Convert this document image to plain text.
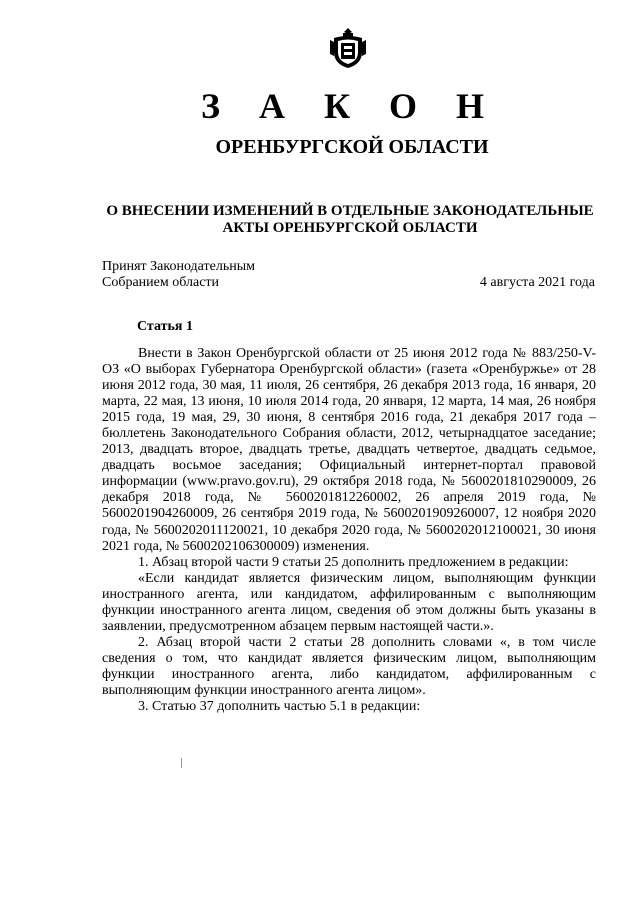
З А К О Н
ОРЕНБУРГСКОЙ ОБЛАСТИ
О ВНЕСЕНИИ ИЗМЕНЕНИЙ В ОТДЕЛЬНЫЕ ЗАКОНОДАТЕЛЬНЫЕ АКТЫ ОРЕНБУРГСКОЙ ОБЛАСТИ
Принят Законодательным
Собранием области	4 августа 2021 года
Статья 1

Внести в Закон Оренбургской области от 25 июня 2012 года № 883/250-V-ОЗ «О выборах Губернатора Оренбургской области» (газета «Оренбуржье» от 28 июня 2012 года, 30 мая, 11 июля, 26 сентября, 26 декабря 2013 года, 16 января, 20 марта, 22 мая, 13 июня, 10 июля 2014 года, 20 января, 12 марта, 14 мая, 26 ноября 2015 года, 19 мая, 29, 30 июня, 8 сентября 2016 года, 21 декабря 2017 года – бюллетень Законодательного Собрания области, 2012, четырнадцатое заседание; 2013, двадцать второе, двадцать третье, двадцать четвертое, двадцать седьмое, двадцать восьмое заседания; Официальный интернет-портал правовой информации (www.pravo.gov.ru), 29 октября 2018 года, № 5600201810290009, 26 декабря 2018 года, № 5600201812260002, 26 апреля 2019 года, № 5600201904260009, 26 сентября 2019 года, № 5600201909260007, 12 ноября 2020 года, № 5600202011120021, 10 декабря 2020 года, № 5600202012100021, 30 июня 2021 года, № 5600202106300009) изменения.

1. Абзац второй части 9 статьи 25 дополнить предложением в редакции:

«Если кандидат является физическим лицом, выполняющим функции иностранного агента, или кандидатом, аффилированным с выполняющим функции иностранного агента лицом, сведения об этом должны быть указаны в заявлении, предусмотренном абзацем первым настоящей части.».

2. Абзац второй части 2 статьи 28 дополнить словами «, в том числе сведения о том, что кандидат является физическим лицом, выполняющим функции иностранного агента, либо кандидатом, аффилированным с выполняющим функции иностранного агента лицом».

3. Статью 37 дополнить частью 5.1 в редакции:
